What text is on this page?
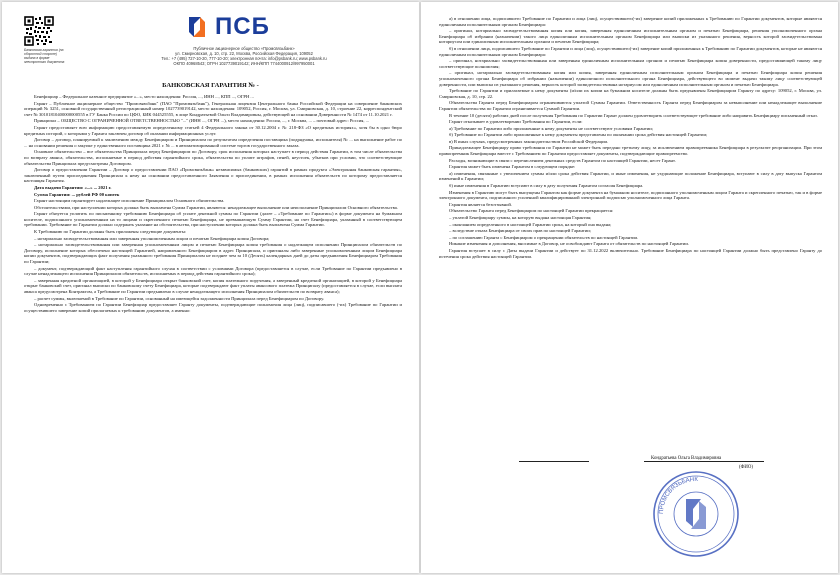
Банковская гарантия (на оборотной стороне) выдана в форме электронного документа
ПСБ
Публичное акционерное общество «Промсвязьбанк»
ул. Смирновская, д. 10, стр. 22, Москва, Российская Федерация, 109052
Тел.: +7 (495) 727-10-20, 777-10-20; электронная почта: info@psbank.ru; www.psbank.ru
ОКПО 40968543; ОГРН 1027739019142; ИНН/КПП 7744000912/997950001
БАНКОВСКАЯ ГАРАНТИЯ № -

Бенефициар – Федеральное казенное предприятие «...», место нахождения: Россия, ..., ИНН ..., КПП ..., ОГРН ...

Гарант – Публичное акционерное общество "Промсвязьбанк" (ПАО "Промсвязьбанк"), Генеральная лицензия Центрального банка Российской Федерации на совершение банковских операций № 3251, основной государственный регистрационный номер 1027739019142, место нахождения: 109052, Россия, г. Москва, ул. Смирновская, д. 10, строение 22, корреспондентский счет № 30101810400000000555 в ГУ Банка России по ЦФО, БИК 044525555, в лице Кондратьевой Ольги Владимировны, действующей на основании Доверенности № 1474 от 11.10.2021 г.

Принципал – ОБЩЕСТВО С ОГРАНИЧЕННОЙ ОТВЕТСТВЕННОСТЬЮ "..." (ИНН ..., ОГРН ...), место нахождения: Россия, ..., г. Москва, ... – почтовый адрес: Россия, ...

Гарант предоставляет всю информацию предоставляемую определенному статьей 4 Федерального закона от 30.12.2004 г. № 218-ФЗ «О кредитных историях», хотя бы в одно бюро кредитных историй, с которыми у Гаранта заключен договор об оказании информационных услуг.

Договор – договор, планируемый к заключению между Бенефициаром и Принципалом по результатам определения поставщика (подрядчика, исполнителя) № ... на выполнение работ по ... на основании решения о закупке у единственного поставщика 2021 г. № ... в автоматизированной системе торгов государственного заказа.

Основное обязательство – все обязательства Принципала перед Бенефициаром по Договору, срок исполнения которых наступает в период действия Гарантии, в том числе обязательства по возврату аванса, обязательства, исполняемые в период действия гарантийного срока, обязательства по уплате штрафов, пеней, неустоек, убытков при условии, что соответствующие обязательства Принципала предусмотрены Договором.

Договор о предоставлении Гарантии – Договор о предоставлении ПАО «Промсвязьбанк» независимых (банковских) гарантий в рамках продукта «Электронная банковская гарантия», заключенный путем присоединения Принципала к нему на основании предоставленного Заявления о присоединении, в рамках исполнения обязательств по которому предоставляется настоящая Гарантия.

Дата выдачи Гарантии: «...» ... 2021 г.

Сумма Гарантии: ... рублей РФ 00 копеек

Гарант настоящим гарантирует надлежащее исполнение Принципалом Основного обязательства.

Обстоятельствами, при наступлении которых должна быть выплачена Сумма Гарантии, являются: ненадлежащее выполнение или неисполнение Принципалом Основного обязательства.

Гарант обязуется уплатить по письменному требованию Бенефициара об уплате денежной суммы по Гарантии (далее – «Требование по Гарантии») в форме документа на бумажном носителе, подписанного уполномоченным на то лицами и скрепленного печатью Бенефициара, не превышающую Сумму Гарантии, на счет Бенефициара, указанный в соответствующем требовании. Требование по Гарантии должно содержать указание на обстоятельства, при наступлении которых должна быть выплачена Сумма Гарантии.

К Требованию по Гарантии должны быть приложены следующие документы:

– нотариально засвидетельствованная или заверенная уполномоченным лицом и печатью Бенефициара копия Договора;

– нотариально засвидетельствованная или заверенная уполномоченным лицом и печатью Бенефициара копия требования о надлежащем исполнении Принципалом обязательств по Договору, исполнение которых обеспечено настоящей Гарантией, направленного Бенефициаром в адрес Принципала, и оригиналы либо заверенные уполномоченным лицом Бенефициара копии документов, подтверждающих факт получения указанного требования Принципалом не позднее чем за 10 (Десять) календарных дней до даты предъявления Бенефициаром Требования по Гарантии;

– документ, подтверждающий факт наступления гарантийного случая в соответствии с условиями Договора (предоставляется в случае, если Требование по Гарантии предъявлено в случае ненадлежащего исполнения Принципалом обязательств, исполняемых в период действия гарантийного срока);

– заверенная кредитной организацией, в которой у Бенефициара открыт банковский счет, копия платежного поручения, а заверенный кредитной организацией, в которой у Бенефициара открыт банковский счет, оригинал выписки по банковскому счету Бенефициара, которые подтверждают факт уплаты авансового платежа Принципалу (предоставляется в случае, если выплата аванса предусмотрена Контрактом, а Требование по Гарантии предъявлено в случае ненадлежащего исполнения Принципалом обязательств по возврату аванса);

– расчет суммы, включаемой в Требование по Гарантии, основанный на имеющейся задолженности Принципала перед Бенефициаром по Договору.

Одновременно с Требованием по Гарантии Бенефициар предоставляет Гаранту документы, подтверждающие полномочия лица (лиц), подписавшего (-их) Требование по Гарантии и осуществившего заверение копий прилагаемых к требованию документов, а именно:

а) в отношении лица, подписавшего Требование по Гарантии и лица (лиц), осуществившего(-их) заверение копий приложенных к Требованию по Гарантии документов, которые являются единоличным исполнительным органом Бенефициара:

– оригинал, нотариально засвидетельствованная копия или копия, заверенная единоличным исполнительным органом и печатью Бенефициара, решения уполномоченного органа Бенефициара об избрании (назначении) такого лица единоличным исполнительным органом Бенефициара или выписки из указанного решения, верность которой засвидетельствована нотариусом или единоличным исполнительным органом и печатью Бенефициара;

б) в отношении лица, подписавшего Требование по Гарантии и лица (лиц), осуществившего(-их) заверение копий приложенных к Требованию по Гарантии документов, которые не являются единоличным исполнительным органом Бенефициара:

– оригинал, нотариально засвидетельствованная или заверенная единоличным исполнительным органом и печатью Бенефициара копия доверенности, предоставляющей такому лицу соответствующие полномочия;

– оригинал, нотариально засвидетельствованная копия или копия, заверенная единоличным исполнительным органом Бенефициара и печатью Бенефициара копия решения уполномоченного органа Бенефициара об избрании (назначении) единоличного исполнительного органа Бенефициара, действующего во момент выдачи такому лицу соответствующей доверенности, или выписка из указанного решения, верность которой засвидетельствована нотариусом или единоличным исполнительным органом и печатью Бенефициара.

Требование по Гарантии и прилагаемые к нему документы (и/или их копии на бумажном носителе должны быть предъявлены Бенефициаром Гаранту по адресу: 109052, г. Москва, ул. Смирновская, д. 10, стр. 22.

Обязательства Гаранта перед Бенефициаром ограничиваются уплатой Суммы Гарантии. Ответственность Гаранта перед Бенефициаром за невыполнение или ненадлежащее выполнение Гарантом обязательства по Гарантии ограничивается Суммой Гарантии.

В течение 10 (десяти) рабочих дней после получения Требования по Гарантии Гарант должен удовлетворить соответствующее требование либо направить Бенефициару письменный отказ.

Гарант отказывает в удовлетворении Требования по Гарантии, если:

а) Требование по Гарантии либо приложенные к нему документы не соответствуют условиям Гарантии;

б) Требование по Гарантии либо приложенные к нему документы представлены по окончании срока действия настоящей Гарантии;

в) В иных случаях, предусмотренных законодательством Российской Федерации.

Принадлежащее Бенефициару право требования по Гарантии не может быть передано третьему лицу, за исключением правопреемника Бенефициара в результате реорганизации. При этом правопреемник Бенефициара вместе с Требованием по Гарантии предоставляет документы, подтверждающие правопреемство.

Расходы, возникающие в связи с перечислением денежных средств Гарантом по настоящей Гарантии, несет Гарант.

Гарантия может быть изменена Гарантом в следующем порядке:

а) изменения, связанные с увеличением суммы и/или срока действия Гарантии, и иные изменения, не ухудшающие положение Бенефициара, вступают в силу в дату выпуска Гарантом изменений к Гарантии;

б) иные изменения в Гарантию вступают в силу в дату получения Гарантом согласия Бенефициара.

Изменения в Гарантию могут быть выпущены Гарантом как форме документа на бумажном носителе, подписанного уполномоченным лицом Гаранта и скрепленного печатью, так и в форме электронного документа, подписанного усиленной квалифицированной электронной подписью уполномоченного лица Гаранта.

Гарантия является безотзывной.

Обязательство Гаранта перед Бенефициаром по настоящей Гарантии прекращается:

– уплатой Бенефициару суммы, на которую выдана настоящая Гарантия;

– окончанием определенного в настоящей Гарантии срока, на который она выдана;

– вследствие отказа Бенефициара от своих прав по настоящей Гарантии;

– по соглашению Гаранта с Бенефициаром о прекращении обязательств по настоящей Гарантии.

Никакие изменения и дополнения, вносимые в Договор, не освобождают Гаранта от обязательств по настоящей Гарантии.

Гарантия вступает в силу с Даты выдачи Гарантии и действует по 31.12.2022 включительно. Требование Бенефициара по настоящей Гарантии должно быть представлено Гаранту до истечения срока действия настоящей Гарантии.

Кондратьева Ольга Владимировна
(ФИО)
ПРОМСВЯЗЬБАНК
